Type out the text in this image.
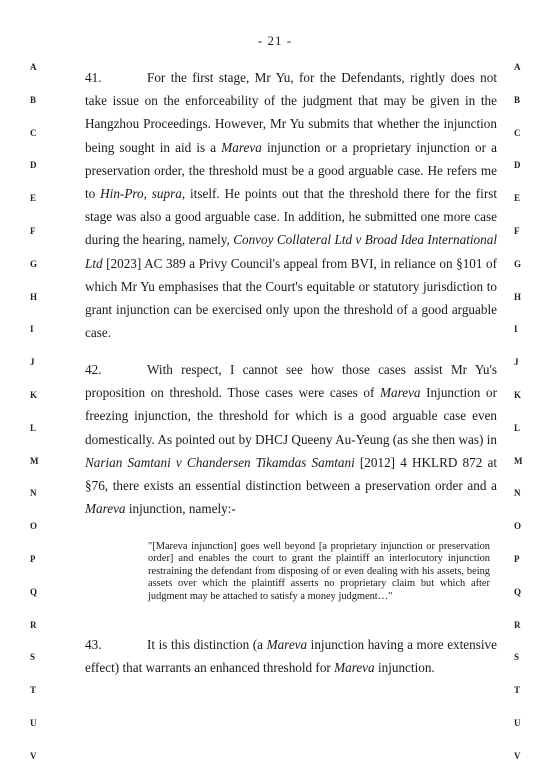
- 21 -
A
B
C
D
E
F
G
H
I
J
K
L
M
N
O
P
Q
R
S
T
U
V
A
B
C
D
E
F
G
H
I
J
K
L
M
N
O
P
Q
R
S
T
U
V

41.	For the first stage, Mr Yu, for the Defendants, rightly does not take issue on the enforceability of the judgment that may be given in the Hangzhou Proceedings. However, Mr Yu submits that whether the injunction being sought in aid is a Mareva injunction or a proprietary injunction or a preservation order, the threshold must be a good arguable case. He refers me to Hin-Pro, supra, itself. He points out that the threshold there for the first stage was also a good arguable case. In addition, he submitted one more case during the hearing, namely, Convoy Collateral Ltd v Broad Idea International Ltd [2023] AC 389 a Privy Council's appeal from BVI, in reliance on §101 of which Mr Yu emphasises that the Court's equitable or statutory jurisdiction to grant injunction can be exercised only upon the threshold of a good arguable case.

42.	With respect, I cannot see how those cases assist Mr Yu's proposition on threshold. Those cases were cases of Mareva Injunction or freezing injunction, the threshold for which is a good arguable case even domestically. As pointed out by DHCJ Queeny Au-Yeung (as she then was) in Narian Samtani v Chandersen Tikamdas Samtani [2012] 4 HKLRD 872 at §76, there exists an essential distinction between a preservation order and a Mareva injunction, namely:-

"[Mareva injunction] goes well beyond [a proprietary injunction or preservation order] and enables the court to grant the plaintiff an interlocutory injunction restraining the defendant from disposing of or even dealing with his assets, being assets over which the plaintiff asserts no proprietary claim but which after judgment may be attached to satisfy a money judgment…"

43.	It is this distinction (a Mareva injunction having a more extensive effect) that warrants an enhanced threshold for Mareva injunction.
